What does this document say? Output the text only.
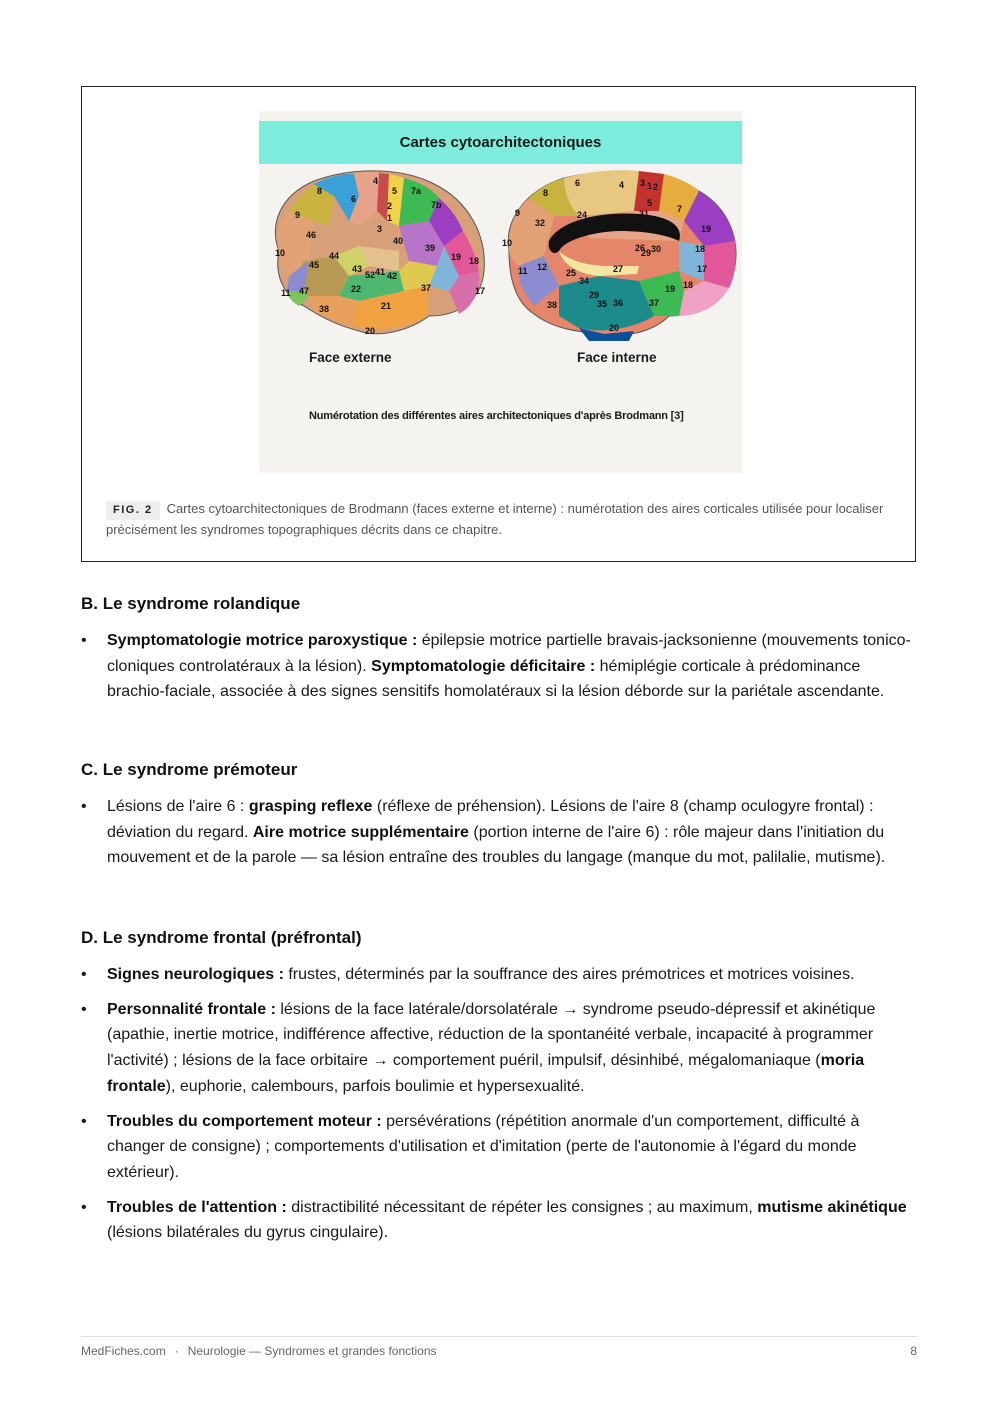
Cartes cytoarchitectoniques
8
6
4
5 7a
7b
9
2
1
3
46
40
39
10	44
45	43
52 41 42
19 18
11 47	22	37	17
38	21
20
6	4 3 1 2
8
5
7
9
32
24	31
23	19
10	26
29 30	18
12
11	25	27	17
34
19 18
38
29
35 36	37
20
Face externe	Face interne
Numérotation des différentes aires architectoniques d'après Brodmann [3]
FIG. 2 Cartes cytoarchitectoniques de Brodmann (faces externe et interne) : numérotation des aires corticales utilisée pour localiser précisément les syndromes topographiques décrits dans ce chapitre.
B. Le syndrome rolandique
• Symptomatologie motrice paroxystique : épilepsie motrice partielle bravais-jacksonienne (mouvements tonico-cloniques controlatéraux à la lésion). Symptomatologie déficitaire : hémiplégie corticale à prédominance brachio-faciale, associée à des signes sensitifs homolatéraux si la lésion déborde sur la pariétale ascendante.
C. Le syndrome prémoteur
• Lésions de l'aire 6 : grasping reflexe (réflexe de préhension). Lésions de l'aire 8 (champ oculogyre frontal) : déviation du regard. Aire motrice supplémentaire (portion interne de l'aire 6) : rôle majeur dans l'initiation du mouvement et de la parole — sa lésion entraîne des troubles du langage (manque du mot, palilalie, mutisme).
D. Le syndrome frontal (préfrontal)
• Signes neurologiques : frustes, déterminés par la souffrance des aires prémotrices et motrices voisines.
• Personnalité frontale : lésions de la face latérale/dorsolatérale → syndrome pseudo-dépressif et akinétique (apathie, inertie motrice, indifférence affective, réduction de la spontanéité verbale, incapacité à programmer l'activité) ; lésions de la face orbitaire → comportement puéril, impulsif, désinhibé, mégalomaniaque (moria frontale), euphorie, calembours, parfois boulimie et hypersexualité.
• Troubles du comportement moteur : persévérations (répétition anormale d'un comportement, difficulté à changer de consigne) ; comportements d'utilisation et d'imitation (perte de l'autonomie à l'égard du monde extérieur).
• Troubles de l'attention : distractibilité nécessitant de répéter les consignes ; au maximum, mutisme akinétique (lésions bilatérales du gyrus cingulaire).
MedFiches.com · Neurologie — Syndromes et grandes fonctions	8
